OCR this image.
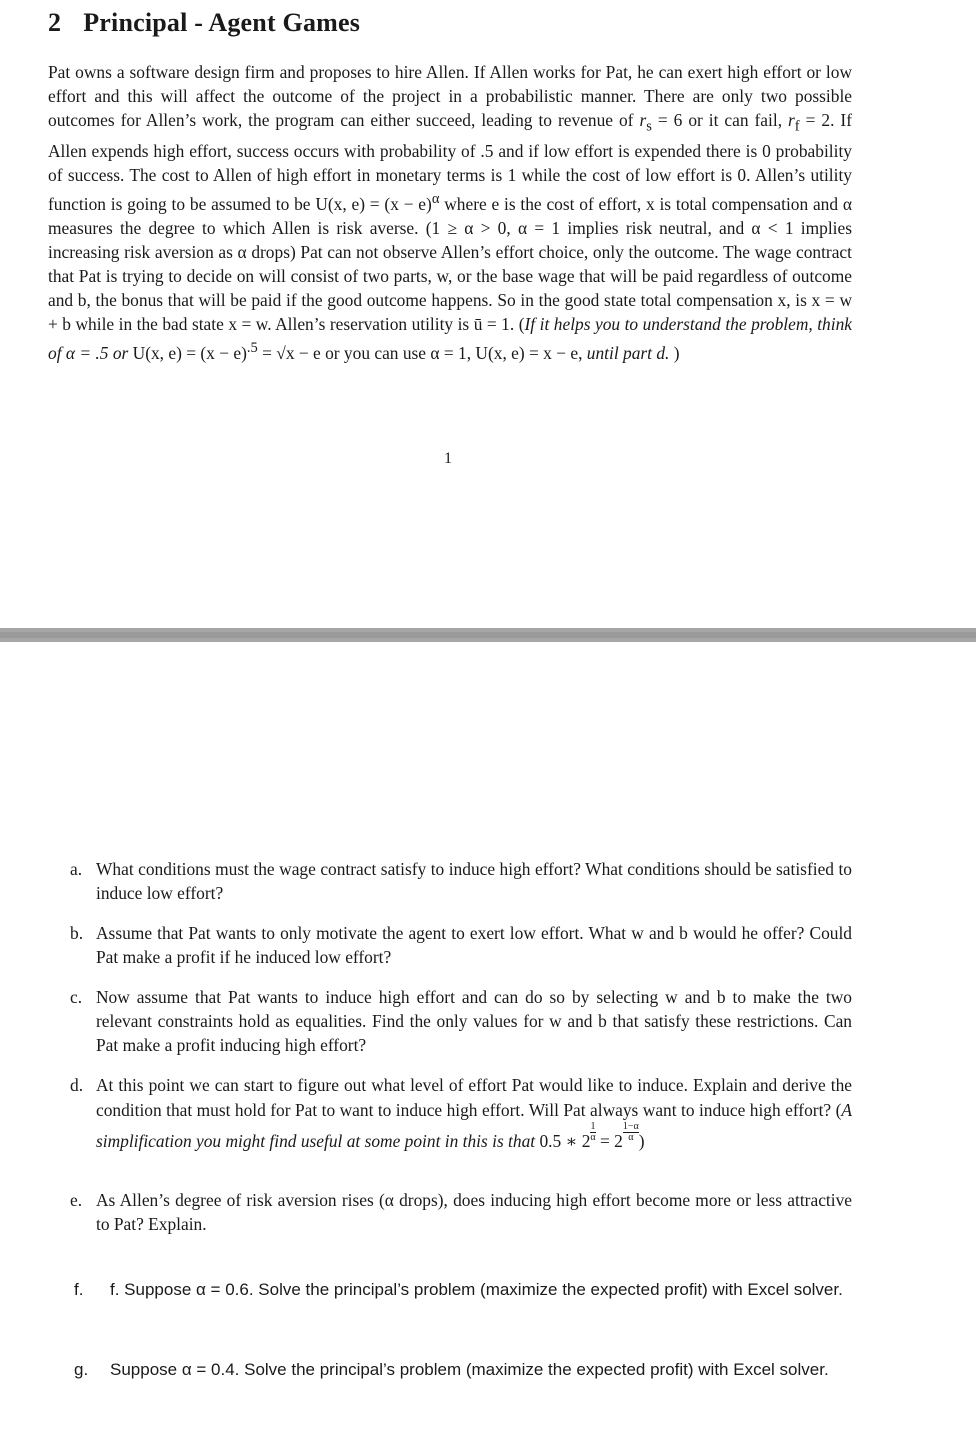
2 Principal - Agent Games

Pat owns a software design firm and proposes to hire Allen. If Allen works for Pat, he can exert high effort or low effort and this will affect the outcome of the project in a probabilistic manner. There are only two possible outcomes for Allen’s work, the program can either succeed, leading to revenue of $r_s = 6$ or it can fail, $r_f = 2$. If Allen expends high effort, success occurs with probability of .5 and if low effort is expended there is 0 probability of success. The cost to Allen of high effort in monetary terms is 1 while the cost of low effort is 0. Allen’s utility function is going to be assumed to be U(x, $e) = (x - e)^\alpha$ where e is the cost of effort, x is total compensation and α measures the degree to which Allen is risk averse. (1 ≥ α > 0, α = 1 implies risk neutral, and α < 1 implies increasing risk aversion as α drops) Pat can not observe Allen’s effort choice, only the outcome. The wage contract that Pat is trying to decide on will consist of two parts, w, or the base wage that will be paid regardless of outcome and b, the bonus that will be paid if the good outcome happens. So in the good state total compensation x, is x = w + b while in the bad state x = w. Allen’s reservation utility is ū = 1. (If it helps you to understand the problem, think of α = .5 or U(x, $e) = (x - e)^{.5} = √x - e$ or you can use α = 1, U(x, e) = x − e, until part d. )

1

a. What conditions must the wage contract satisfy to induce high effort? What conditions should be satisfied to induce low effort?

b. Assume that Pat wants to only motivate the agent to exert low effort. What w and b would he offer? Could Pat make a profit if he induced low effort?

c. Now assume that Pat wants to induce high effort and can do so by selecting w and b to make the two relevant constraints hold as equalities. Find the only values for w and b that satisfy these restrictions. Can Pat make a profit inducing high effort?

d. At this point we can start to figure out what level of effort Pat would like to induce. Explain and derive the condition that must hold for Pat to want to induce high effort. Will Pat always want to induce high effort? (A simplification you might find useful at some point in this is that 0.5 ∗ $2 \frac{1}{\alpha} = 2 \frac{1-\alpha}{\alpha}$ )

e. As Allen’s degree of risk aversion rises (α drops), does inducing high effort become more or less attractive to Pat? Explain.

f. f. Suppose α = 0.6. Solve the principal’s problem (maximize the expected profit) with Excel solver.

g. Suppose α = 0.4. Solve the principal’s problem (maximize the expected profit) with Excel solver.
